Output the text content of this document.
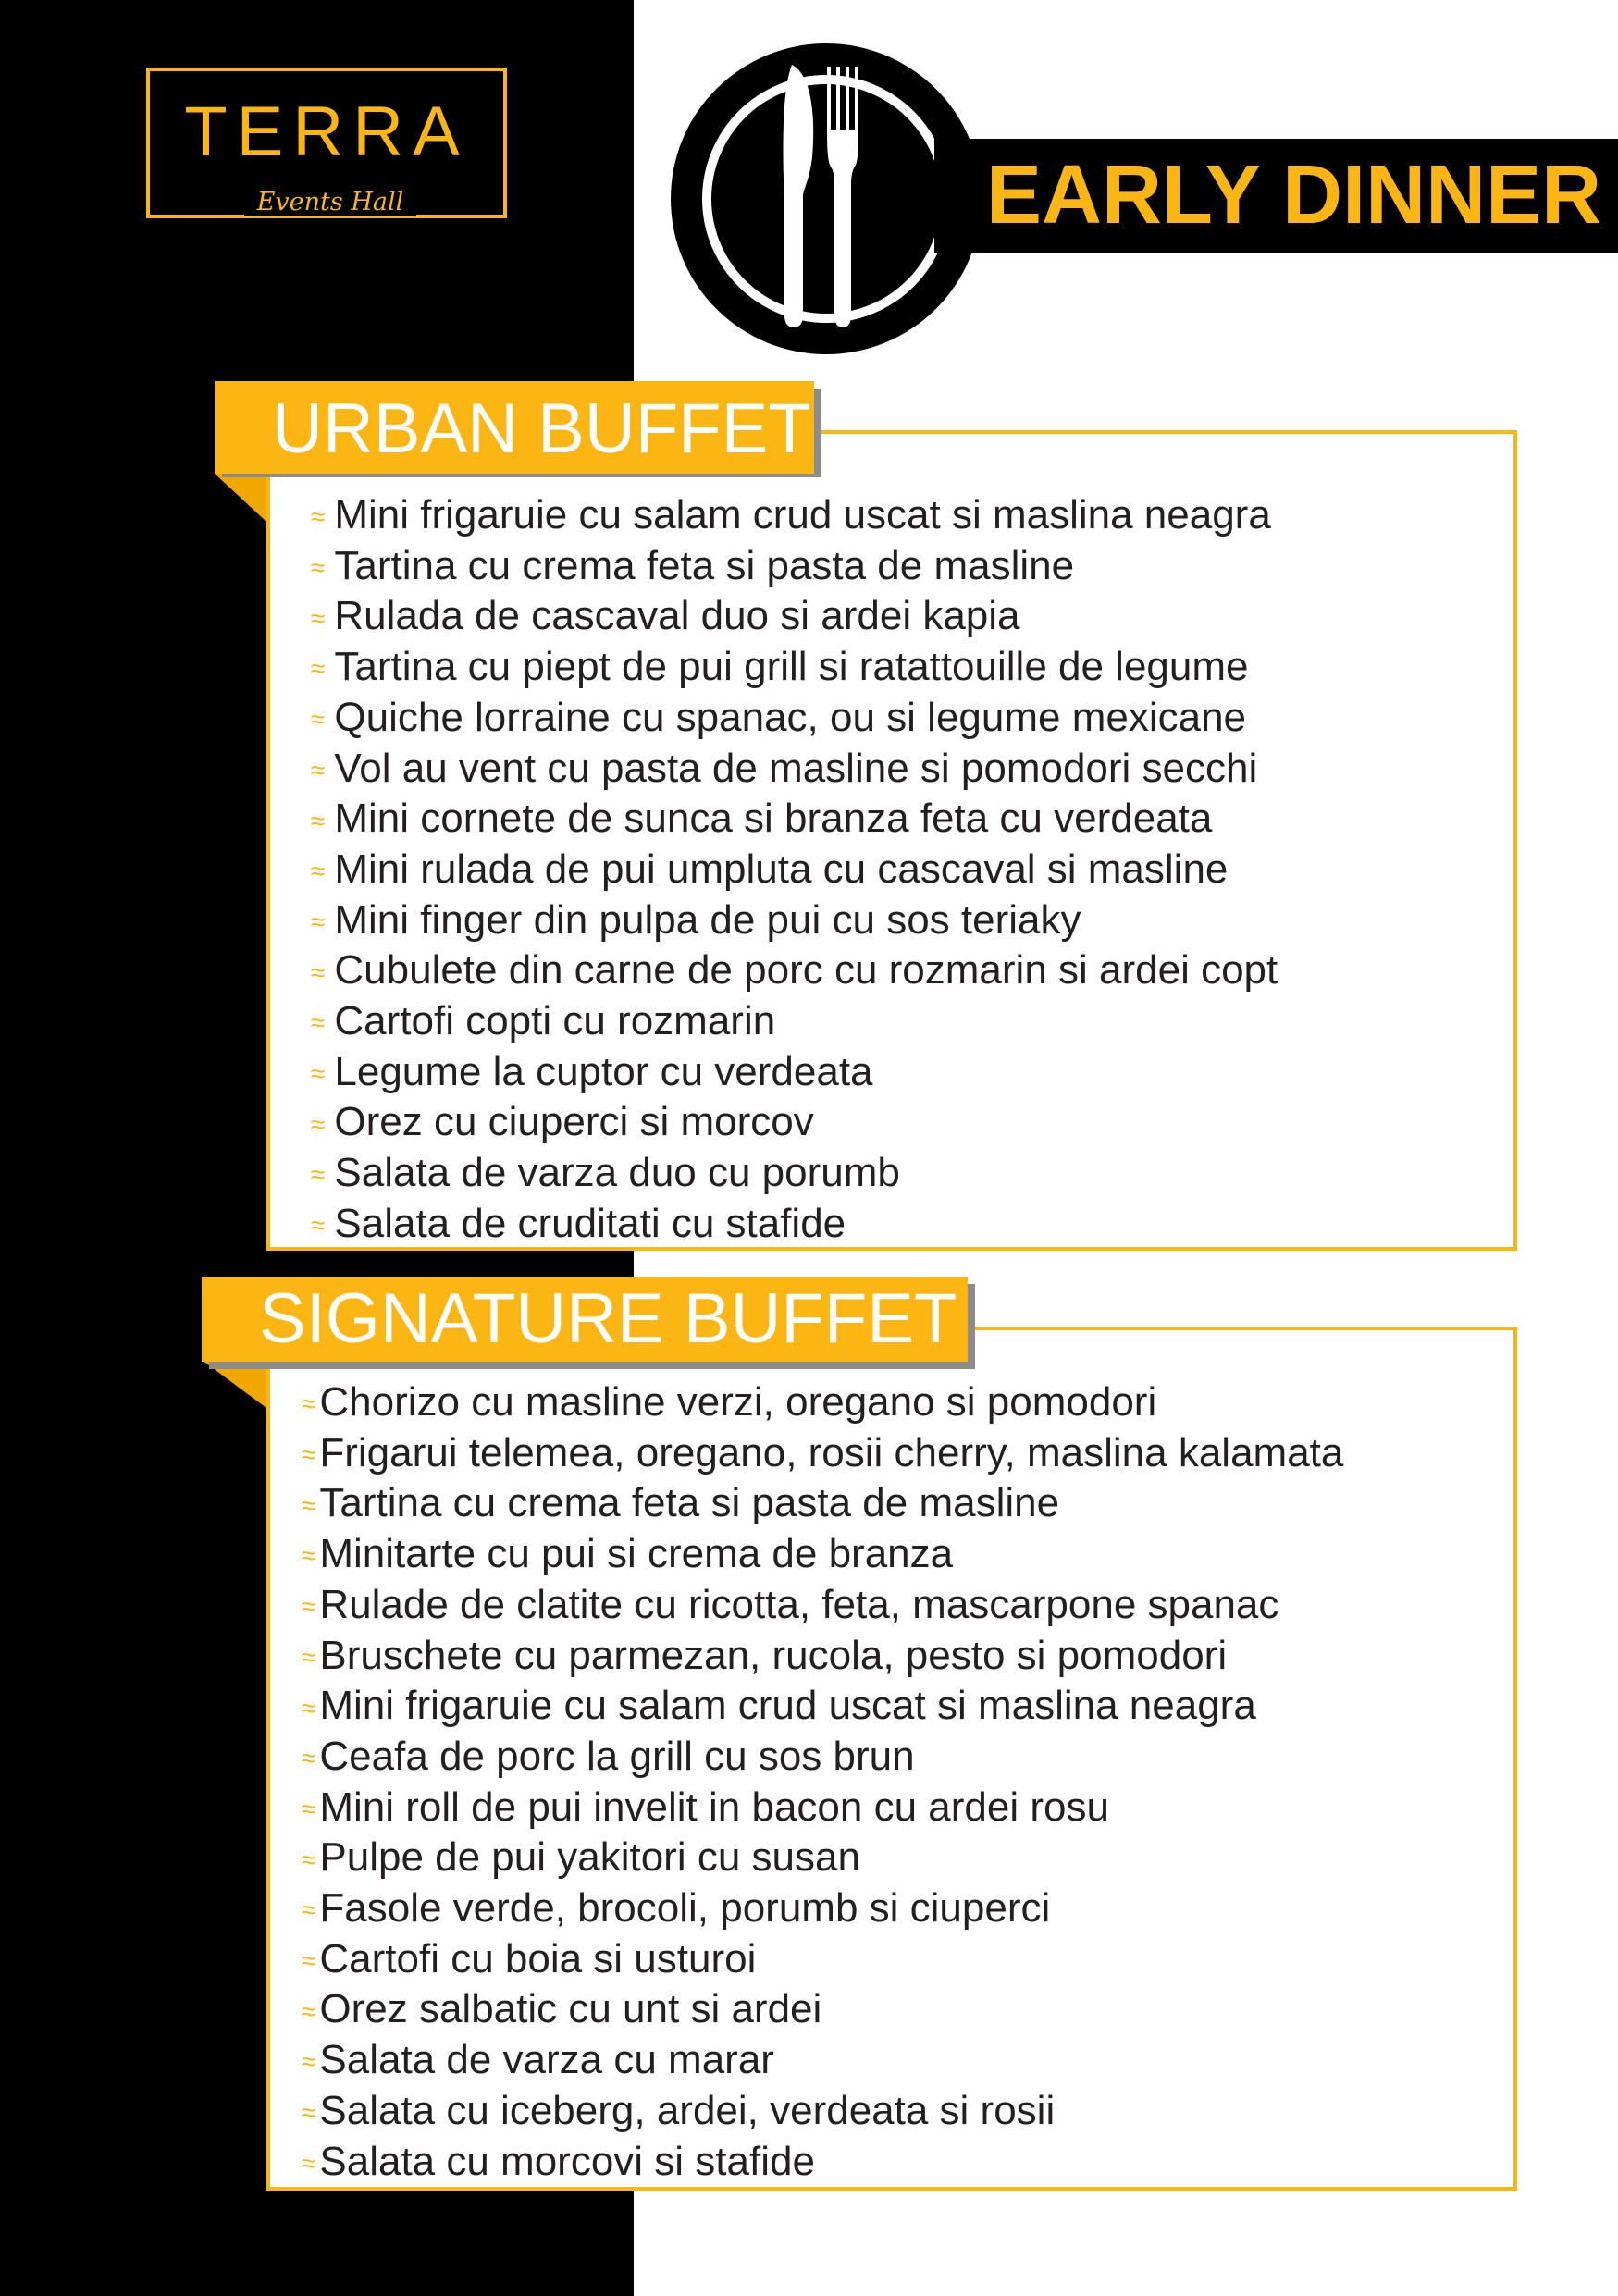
TERRA
Events Hall	EARLY DINNER
URBAN BUFFET
≈ Mini frigaruie cu salam crud uscat si maslina neagra
≈ Tartina cu crema feta si pasta de masline
≈ Rulada de cascaval duo si ardei kapia
≈ Tartina cu piept de pui grill si ratattouille de legume
≈ Quiche lorraine cu spanac, ou si legume mexicane
≈ Vol au vent cu pasta de masline si pomodori secchi
≈ Mini cornete de sunca si branza feta cu verdeata
≈ Mini rulada de pui umpluta cu cascaval si masline
≈ Mini finger din pulpa de pui cu sos teriaky
≈ Cubulete din carne de porc cu rozmarin si ardei copt
≈ Cartofi copti cu rozmarin
≈ Legume la cuptor cu verdeata
≈ Orez cu ciuperci si morcov
≈ Salata de varza duo cu porumb
≈ Salata de cruditati cu stafide
SIGNATURE BUFFET
≈Chorizo cu masline verzi, oregano si pomodori
≈Frigarui telemea, oregano, rosii cherry, maslina kalamata
≈Tartina cu crema feta si pasta de masline
≈Minitarte cu pui si crema de branza
≈Rulade de clatite cu ricotta, feta, mascarpone spanac
≈Bruschete cu parmezan, rucola, pesto si pomodori
≈Mini frigaruie cu salam crud uscat si maslina neagra
≈Ceafa de porc la grill cu sos brun
≈Mini roll de pui invelit in bacon cu ardei rosu
≈Pulpe de pui yakitori cu susan
≈Fasole verde, brocoli, porumb si ciuperci
≈Cartofi cu boia si usturoi
≈Orez salbatic cu unt si ardei
≈Salata de varza cu marar
≈Salata cu iceberg, ardei, verdeata si rosii
≈Salata cu morcovi si stafide
